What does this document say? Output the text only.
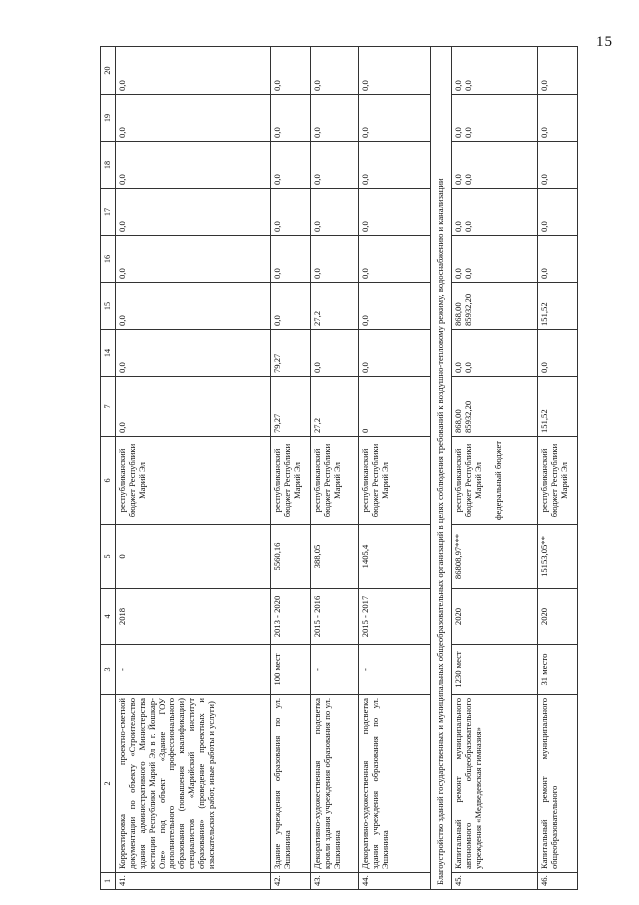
15
1	2	3	4	5	6	7	14	15	16	17	18	19	20
41.	Корректировка проектно-сметной документации по объекту «Строительство здания административного Министерства юстиции Республики Марий Эл в г. Йошкар-Оле» под объект «Здание ГОУ дополнительного профессионального образования (повышения квалификации) специалистов «Марийский институт образования» (проведение проектных и изыскательских работ, иные работы и услуги)	-	2018	0	республиканский бюджет Республики Марий Эл	0,0	0,0	0,0	0,0	0,0	0,0	0,0	0,0
42.	Здание учреждения образования по ул. Эшкинина	100 мест	2013 - 2020	5560,16	республиканский бюджет Республики Марий Эл	79,27	79,27	0,0	0,0	0,0	0,0	0,0	0,0
43.	Декоративно-художественная подсветка кровли здания учреждения образования по ул. Эшкинина	-	2015 - 2016	388,05	республиканский бюджет Республики Марий Эл	27,2	0,0	27,2	0,0	0,0	0,0	0,0	0,0
44.	Декоративно-художественная подсветка здания учреждения образования по ул. Эшкинина	-	2015 - 2017	1405,4	республиканский бюджет Республики Марий Эл	0	0,0	0,0	0,0	0,0	0,0	0,0	0,0
Благоустройство зданий государственных и муниципальных общеобразовательных организаций в целях соблюдения требований к воздушно-тепловому режиму, водоснабжению и канализации													
45.	Капитальный ремонт муниципального автономного общеобразовательного учреждения «Медведевская гимназия»	1230 мест	2020	86808,97***	республиканский бюджет Республики Марий Эл федеральный бюджет	868,00 85932,20	0,0 0,0	868,00 85932,20	0,0 0,0	0,0 0,0	0,0 0,0	0,0 0,0	0,0 0,0

46.	Капитальный ремонт муниципального общеобразовательного	31 место	2020	15153,05**	республиканский бюджет Республики Марий Эл	151,52	0,0	151,52	0,0	0,0	0,0	0,0	0,0
